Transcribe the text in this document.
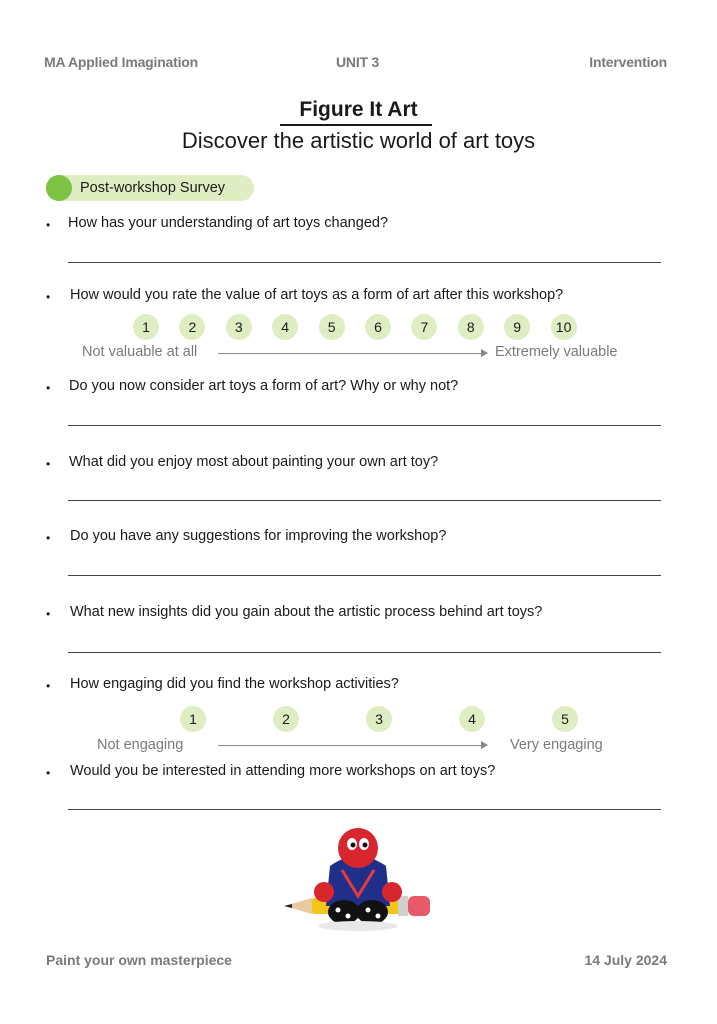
MA Applied Imagination	UNIT 3	Intervention
Figure It Art
Discover the artistic world of art toys
Post-workshop Survey
• How has your understanding of art toys changed?
• How would you rate the value of art toys as a form of art after this workshop?
1	2	3	4	5	6	7	8	9	10
Not valuable at all	Extremely valuable
• Do you now consider art toys a form of art? Why or why not?
• What did you enjoy most about painting your own art toy?
• Do you have any suggestions for improving the workshop?
• What new insights did you gain about the artistic process behind art toys?
• How engaging did you find the workshop activities?
1	2	3	4	5
Not engaging	Very engaging
• Would you be interested in attending more workshops on art toys?
Paint your own masterpiece	14 July 2024
